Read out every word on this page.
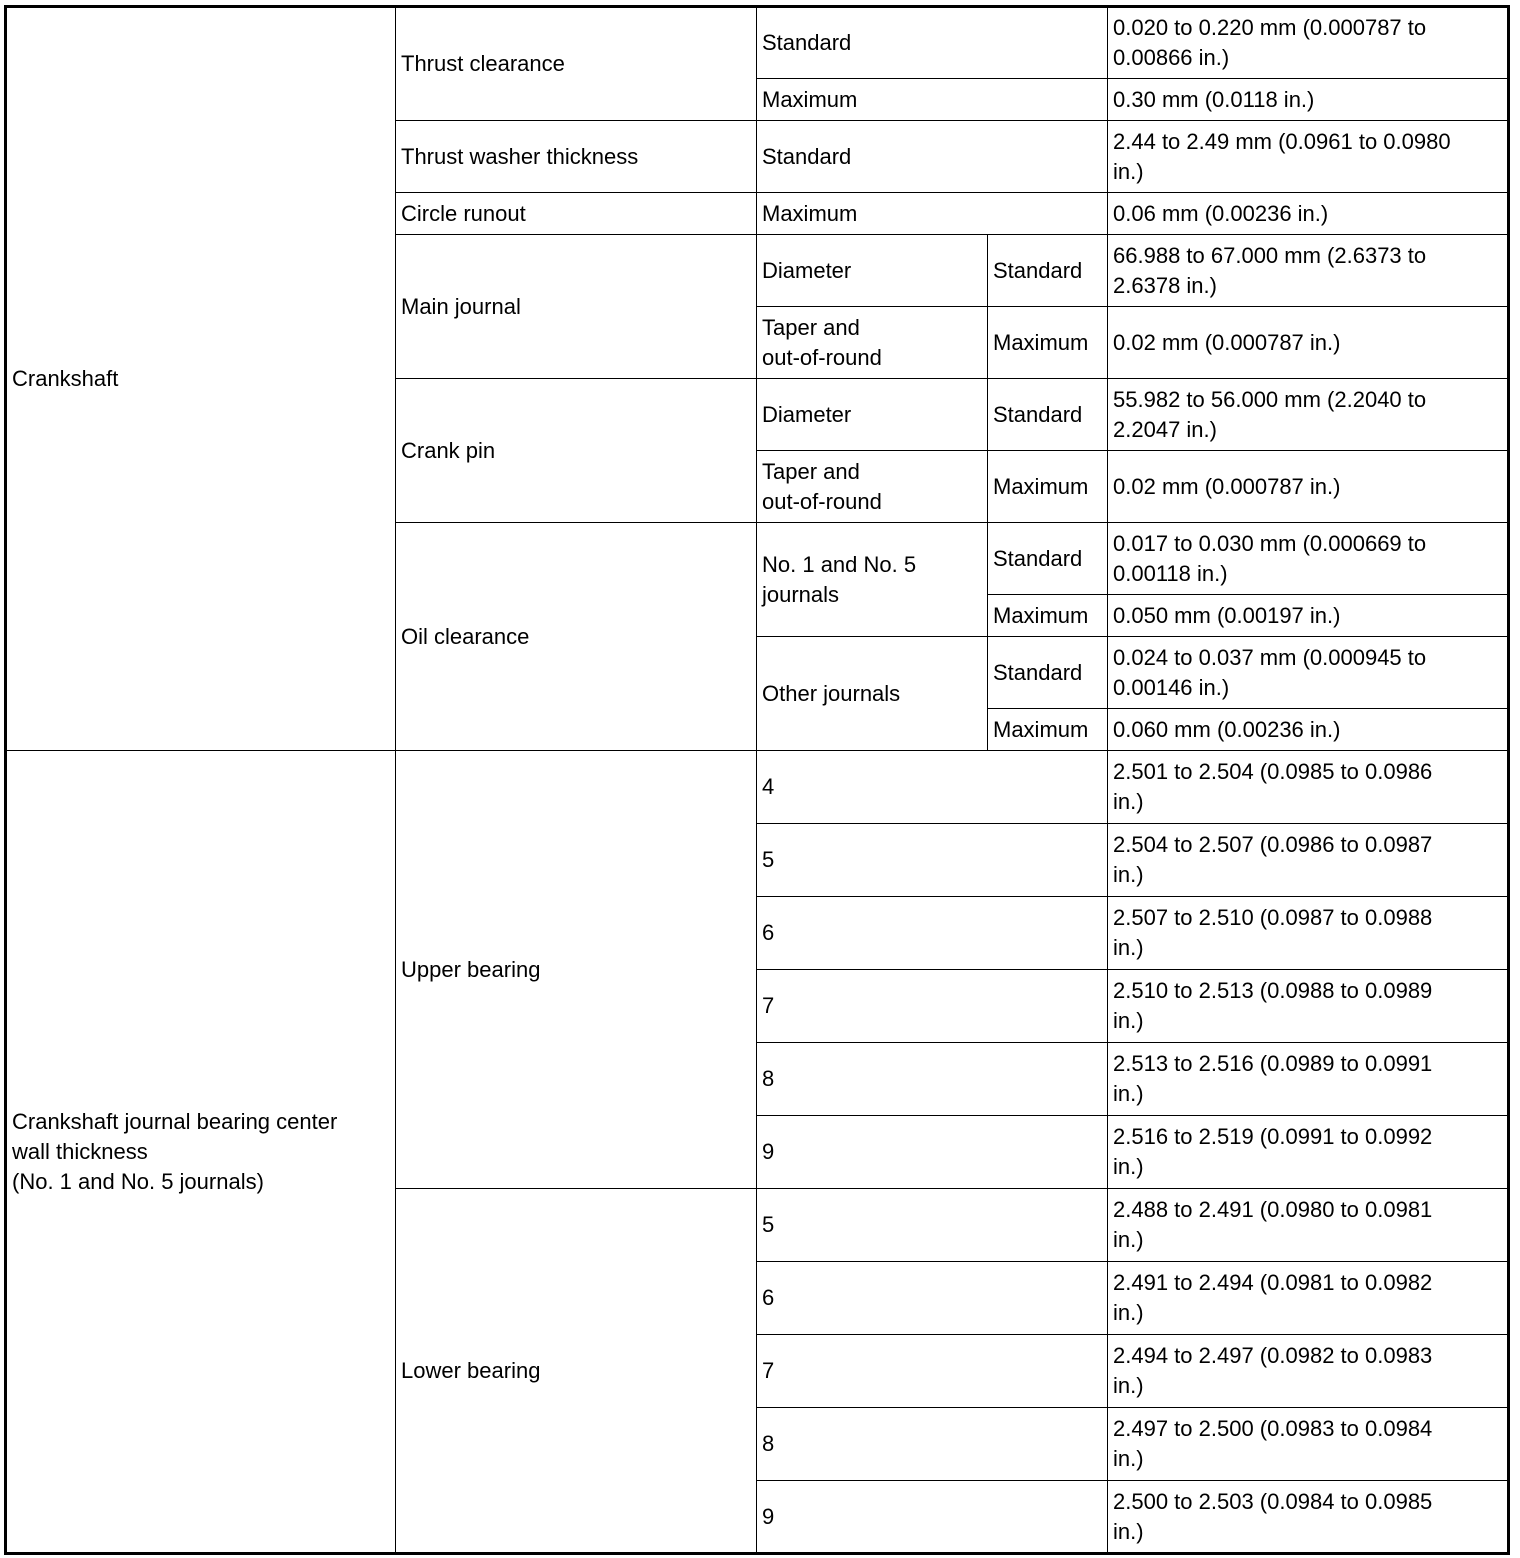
Crankshaft	Thrust clearance	Standard		0.020 to 0.220 mm (0.000787 to
0.00866 in.)
		Maximum		0.30 mm (0.0118 in.)
	Thrust washer thickness	Standard		2.44 to 2.49 mm (0.0961 to 0.0980
in.)
	Circle runout	Maximum		0.06 mm (0.00236 in.)
	Main journal	Diameter	Standard	66.988 to 67.000 mm (2.6373 to
2.6378 in.)
		Taper and
out-of-round	Maximum	0.02 mm (0.000787 in.)
	Crank pin	Diameter	Standard	55.982 to 56.000 mm (2.2040 to
2.2047 in.)
		Taper and
out-of-round	Maximum	0.02 mm (0.000787 in.)
	Oil clearance	No. 1 and No. 5
journals	Standard	0.017 to 0.030 mm (0.000669 to
0.00118 in.)
			Maximum	0.050 mm (0.00197 in.)
		Other journals	Standard	0.024 to 0.037 mm (0.000945 to
0.00146 in.)
			Maximum	0.060 mm (0.00236 in.)
Crankshaft journal bearing center
wall thickness
(No. 1 and No. 5 journals)	Upper bearing	4		2.501 to 2.504 (0.0985 to 0.0986
in.)
		5		2.504 to 2.507 (0.0986 to 0.0987
in.)
		6		2.507 to 2.510 (0.0987 to 0.0988
in.)
		7		2.510 to 2.513 (0.0988 to 0.0989
in.)
		8		2.513 to 2.516 (0.0989 to 0.0991
in.)
		9		2.516 to 2.519 (0.0991 to 0.0992
in.)
	Lower bearing	5		2.488 to 2.491 (0.0980 to 0.0981
in.)
		6		2.491 to 2.494 (0.0981 to 0.0982
in.)
		7		2.494 to 2.497 (0.0982 to 0.0983
in.)
		8		2.497 to 2.500 (0.0983 to 0.0984
in.)
		9		2.500 to 2.503 (0.0984 to 0.0985
in.)
